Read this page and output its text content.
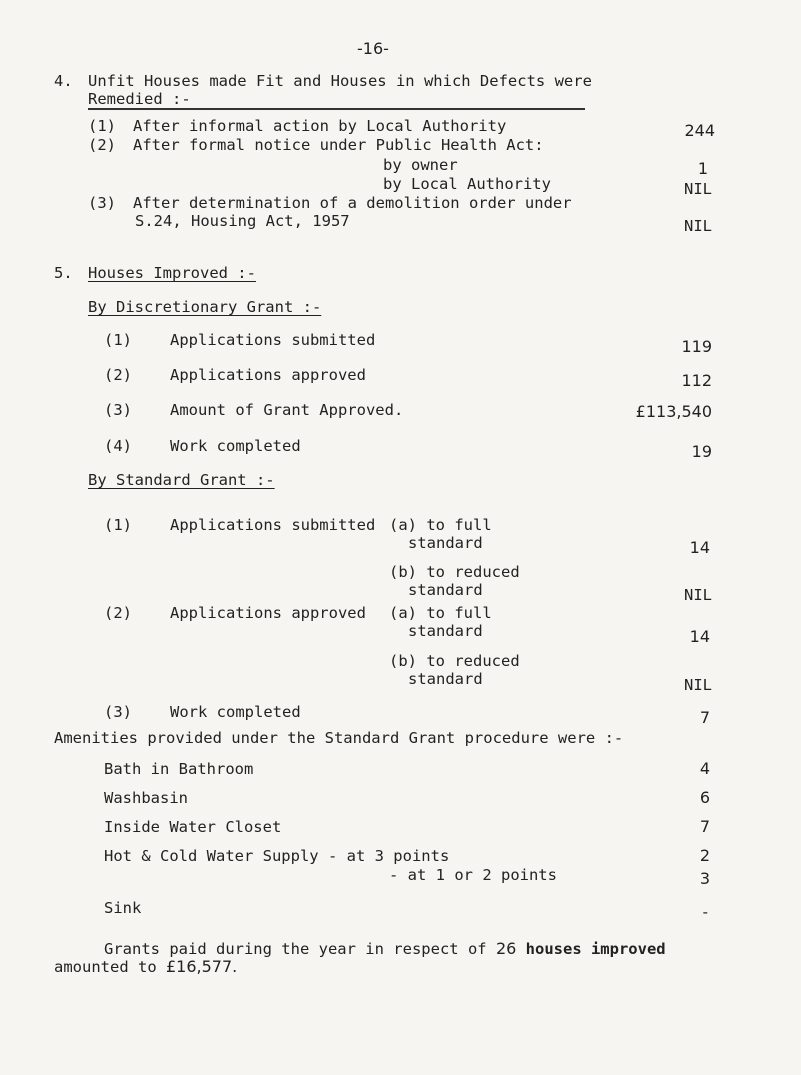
-16-
4. Unfit Houses made Fit and Houses in which Defects were
Remedied :-
(1) After informal action by Local Authority	244
(2) After formal notice under Public Health Act:
by owner	1
by Local Authority	NIL
(3) After determination of a demolition order under
S.24, Housing Act, 1957	NIL
5. Houses Improved :-
By Discretionary Grant :-
(1) Applications submitted	119
(2) Applications approved	112
(3) Amount of Grant Approved.	£113,540
(4) Work completed	19
By Standard Grant :-
(1) Applications submitted (a) to full
standard	14
(b) to reduced
standard	NIL
(2) Applications approved (a) to full
standard	14
(b) to reduced
standard	NIL
(3) Work completed	7
Amenities provided under the Standard Grant procedure were :-
Bath in Bathroom	4
Washbasin	6
Inside Water Closet	7
Hot & Cold Water Supply - at 3 points	2
- at 1 or 2 points	3
Sink	-
Grants paid during the year in respect of 26 houses improved
amounted to £16,577.
